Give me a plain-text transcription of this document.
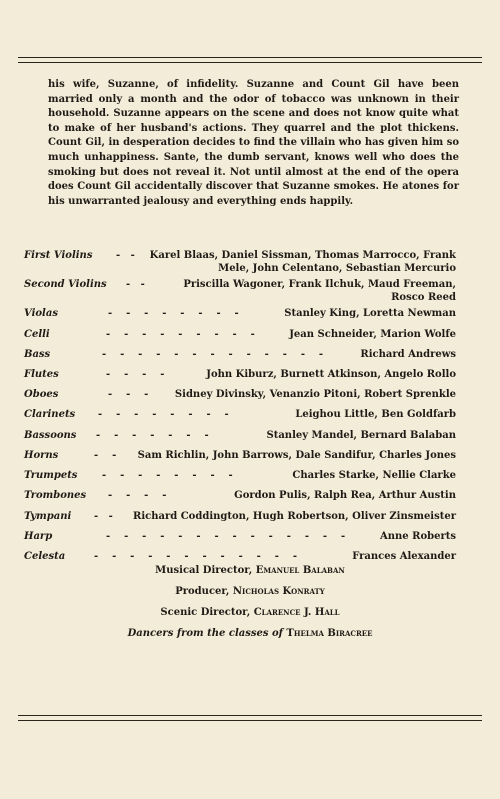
his wife, Suzanne, of infidelity. Suzanne and Count Gil have been married only a month and the odor of tobacco was unknown in their household. Suzanne appears on the scene and does not know quite what to make of her husband's actions. They quarrel and the plot thickens. Count Gil, in desperation decides to find the villain who has given him so much unhappiness. Sante, the dumb servant, knows well who does the smoking but does not reveal it. Not until almost at the end of the opera does Count Gil accidentally discover that Suzanne smokes. He atones for his unwarranted jealousy and everything ends happily.

First Violins -   - Karel Blaas, Daniel Sissman, Thomas Marrocco, Frank
Mele, John Celentano, Sebastian Mercurio
Second Violins -   -	Priscilla Wagoner, Frank Ilchuk, Maud Freeman,
Rosco Reed
Violas	-    -    -    -    -    -    -    -	Stanley King, Loretta Newman
Celli	-    -    -    -    -    -    -    -    -	Jean Schneider, Marion Wolfe
Bass	-    -    -    -    -    -    -    -    -    -    -    -    -	Richard Andrews
Flutes	-    -    -    -	John Kiburz, Burnett Atkinson, Angelo Rollo
Oboes	-    -    -	Sidney Divinsky, Venanzio Pitoni, Robert Sprenkle
Clarinets -    -    -    -    -    -    -    -	Leighou Little, Ben Goldfarb
Bassoons -    -    -    -    -    -    -	Stanley Mandel, Bernard Balaban
Horns	-    - Sam Richlin, John Barrows, Dale Sandifur, Charles Jones
Trumpets -    -    -    -    -    -    -    -	Charles Starke, Nellie Clarke
Trombones -    -    -    -	Gordon Pulis, Ralph Rea, Arthur Austin
Tympani -   - Richard Coddington, Hugh Robertson, Oliver Zinsmeister
Harp	-    -    -    -    -    -    -    -    -    -    -    -    -    -	Anne Roberts
Celesta	-    -    -    -    -    -    -    -    -    -    -    -	Frances Alexander
Musical Director, Emanuel Balaban
Producer, Nicholas Konraty
Scenic Director, Clarence J. Hall
Dancers from the classes of Thelma Biracree
